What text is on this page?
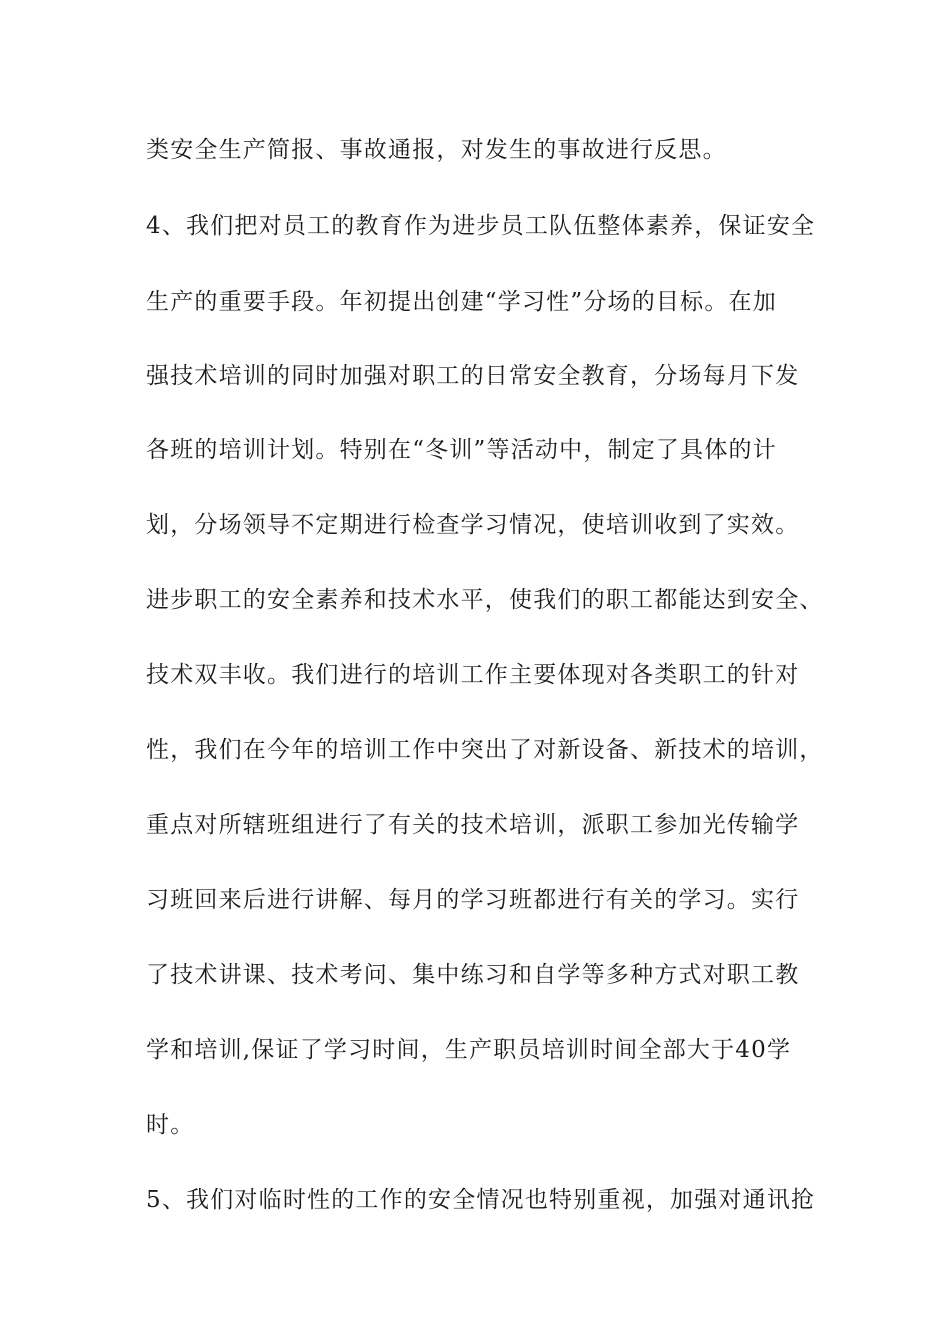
类安全生产简报、事故通报，对发生的事故进行反思。
4、我们把对员工的教育作为进步员工队伍整体素养，保证安全
生产的重要手段。年初提出创建“学习性”分场的目标。在加
强技术培训的同时加强对职工的日常安全教育，分场每月下发
各班的培训计划。特别在“冬训”等活动中，制定了具体的计
划，分场领导不定期进行检查学习情况，使培训收到了实效。
进步职工的安全素养和技术水平，使我们的职工都能达到安全、
技术双丰收。我们进行的培训工作主要体现对各类职工的针对
性，我们在今年的培训工作中突出了对新设备、新技术的培训，
重点对所辖班组进行了有关的技术培训，派职工参加光传输学
习班回来后进行讲解、每月的学习班都进行有关的学习。实行
了技术讲课、技术考问、集中练习和自学等多种方式对职工教
学和培训,保证了学习时间，生产职员培训时间全部大于40学
时。
5、我们对临时性的工作的安全情况也特别重视，加强对通讯抢
